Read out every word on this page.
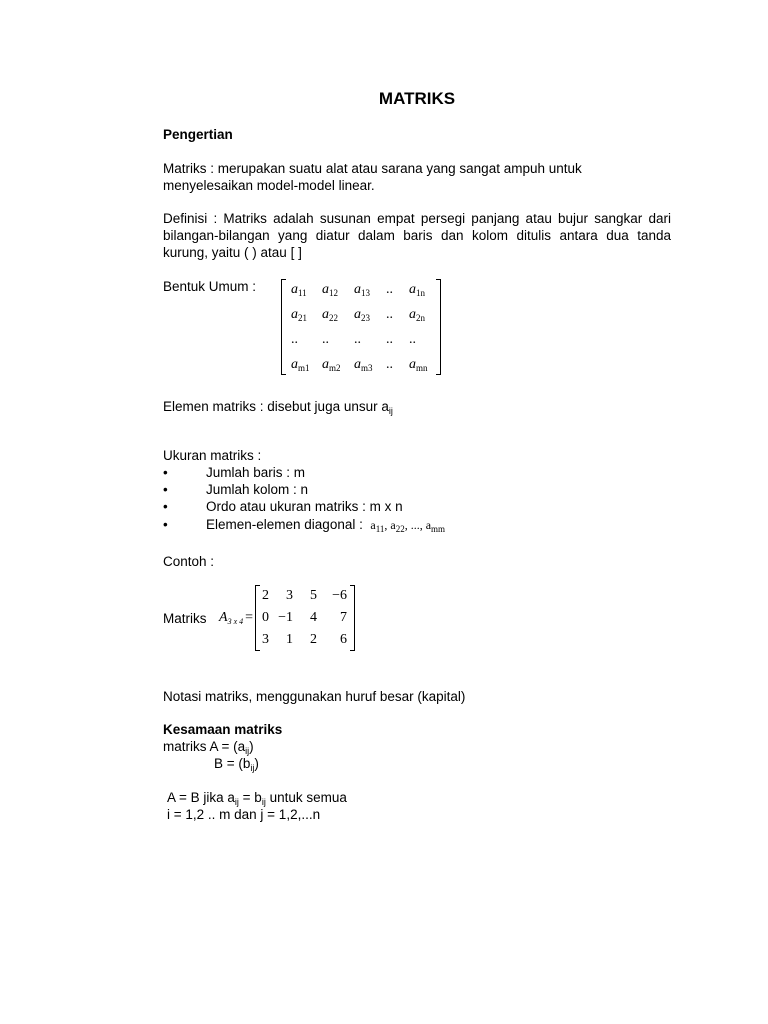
MATRIKS
Pengertian
Matriks : merupakan suatu alat atau sarana yang sangat ampuh untuk menyelesaikan model-model linear.
Definisi : Matriks adalah susunan empat persegi panjang atau bujur sangkar dari bilangan-bilangan yang diatur dalam baris dan kolom ditulis antara dua tanda kurung, yaitu ( ) atau [ ]
Bentuk Umum :	$a_{11}$ $a_{12}$ $a_{13}$ .. $a_{1n}$
$a_{21}$ $a_{22}$ $a_{23}$ .. $a_{2n}$
.. .. .. .. ..
$a_{m1}$ $a_{m2}$ $a_{m3}$ .. $a_{mn}$
Elemen matriks : disebut juga unsur $a_{ij}$
Ukuran matriks :
•	Jumlah baris : m
•	Jumlah kolom : n
•	Ordo atau ukuran matriks : m x n
•	Elemen-elemen diagonal : $a_{11}$, $a_{22}$, ..., $a_{mm}$
Contoh :
Matriks $A_{3 x 4}$ =
2	3	5	−6
0 −1	4	7
3	1	2	6
Notasi matriks, menggunakan huruf besar (kapital)
Kesamaan matriks
matriks $A = (a_{ij})$
$B = (b_{ij})$
A = B jika $a_{ij} = b_{ij}$ untuk semua
i = 1,2 .. m dan j = 1,2,...n
